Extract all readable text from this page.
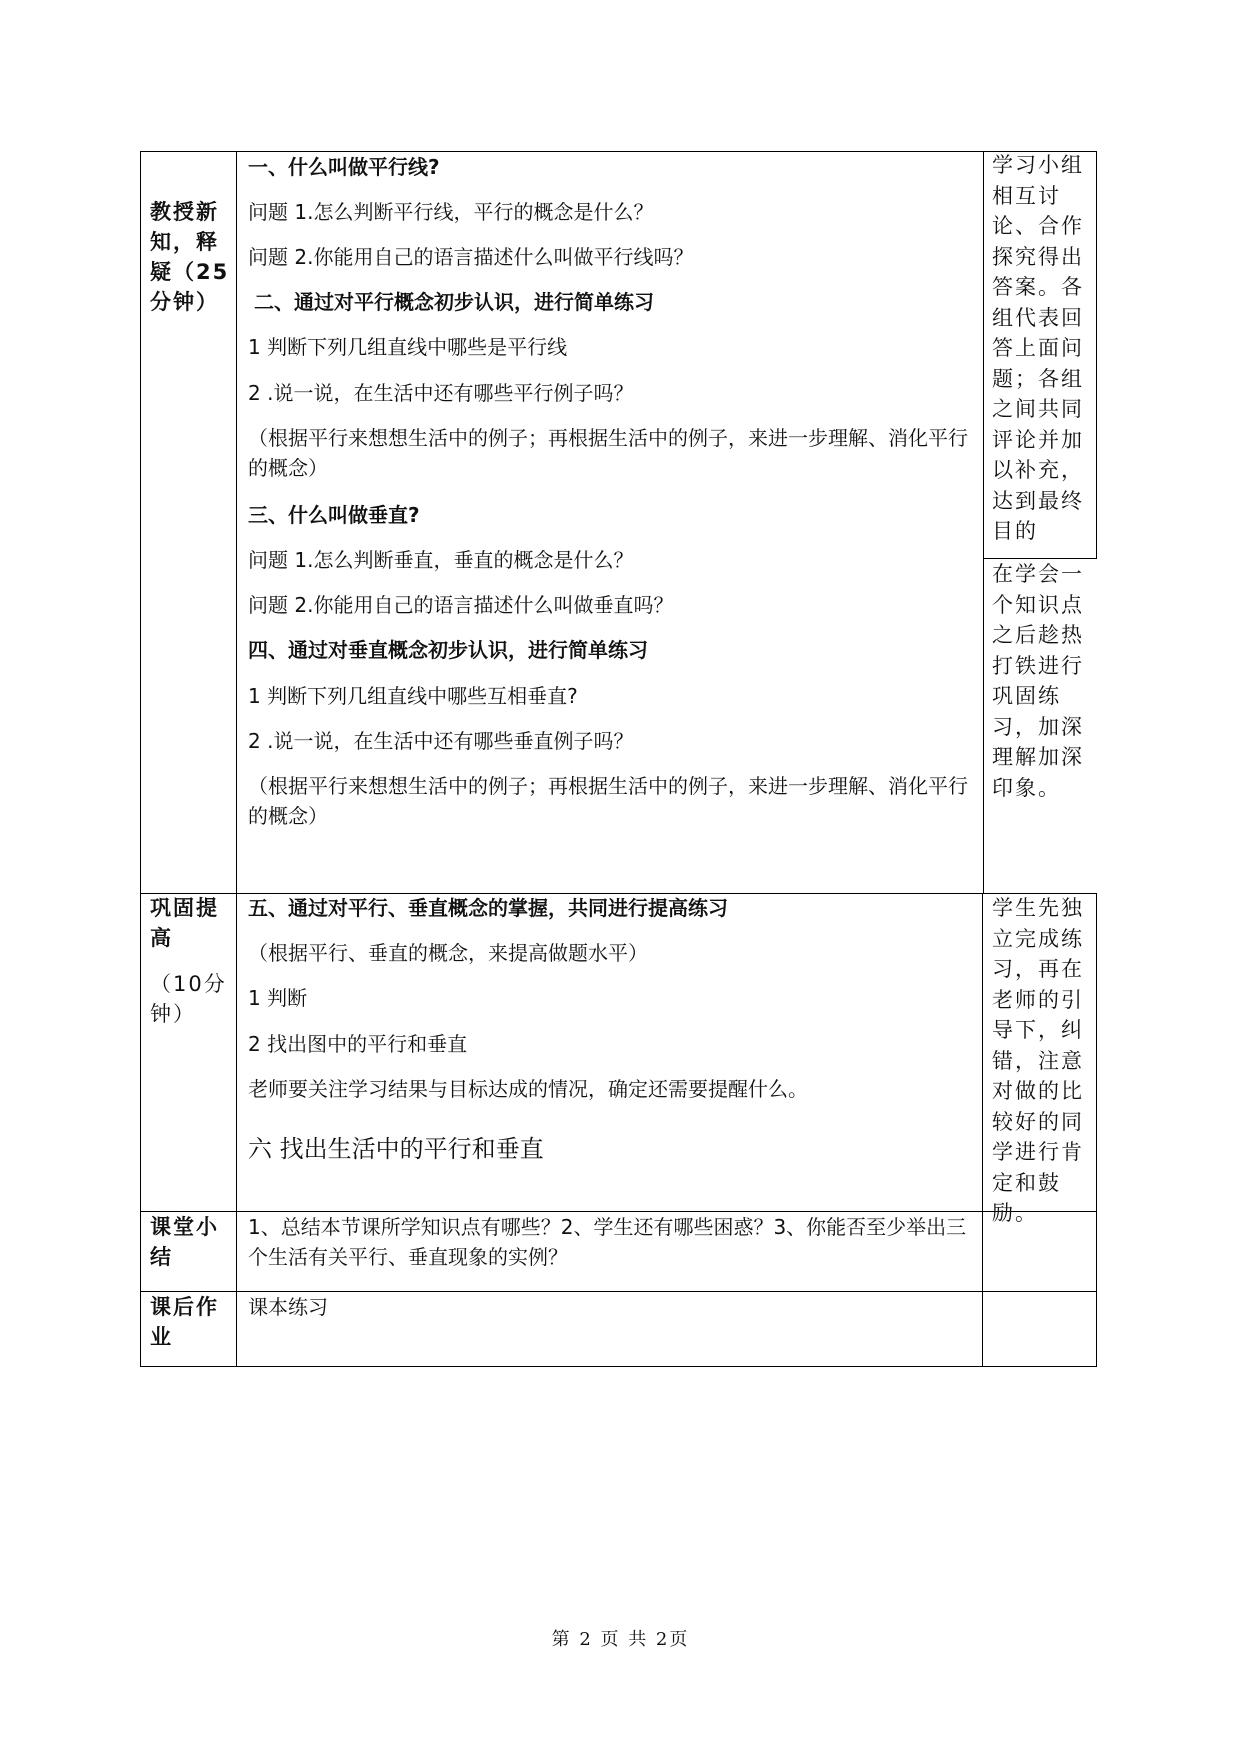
教授新知，释疑（25分钟）
一、什么叫做平行线?
问题 1.怎么判断平行线，平行的概念是什么？
问题 2.你能用自己的语言描述什么叫做平行线吗？
二、通过对平行概念初步认识，进行简单练习
1 判断下列几组直线中哪些是平行线
2 .说一说，在生活中还有哪些平行例子吗？
（根据平行来想想生活中的例子；再根据生活中的例子，来进一步理解、消化平行的概念）
三、什么叫做垂直?
问题 1.怎么判断垂直，垂直的概念是什么？
问题 2.你能用自己的语言描述什么叫做垂直吗？
四、通过对垂直概念初步认识，进行简单练习
1 判断下列几组直线中哪些互相垂直?
2 .说一说，在生活中还有哪些垂直例子吗？
（根据平行来想想生活中的例子；再根据生活中的例子，来进一步理解、消化平行的概念）
学习小组相互讨论、合作探究得出答案。各组代表回答上面问题；各组之间共同评论并加以补充，达到最终目的
在学会一个知识点之后趁热打铁进行巩固练习，加深理解加深印象。
巩固提高
（10分钟）
五、通过对平行、垂直概念的掌握，共同进行提高练习
（根据平行、垂直的概念，来提高做题水平）
1 判断
2 找出图中的平行和垂直
老师要关注学习结果与目标达成的情况，确定还需要提醒什么。
六 找出生活中的平行和垂直
学生先独立完成练习，再在老师的引导下，纠错，注意对做的比较好的同学进行肯定和鼓励。
课堂小结
1、总结本节课所学知识点有哪些？2、学生还有哪些困惑？3、你能否至少举出三个生活有关平行、垂直现象的实例？
课后作业
课本练习
第 2 页 共 2页
